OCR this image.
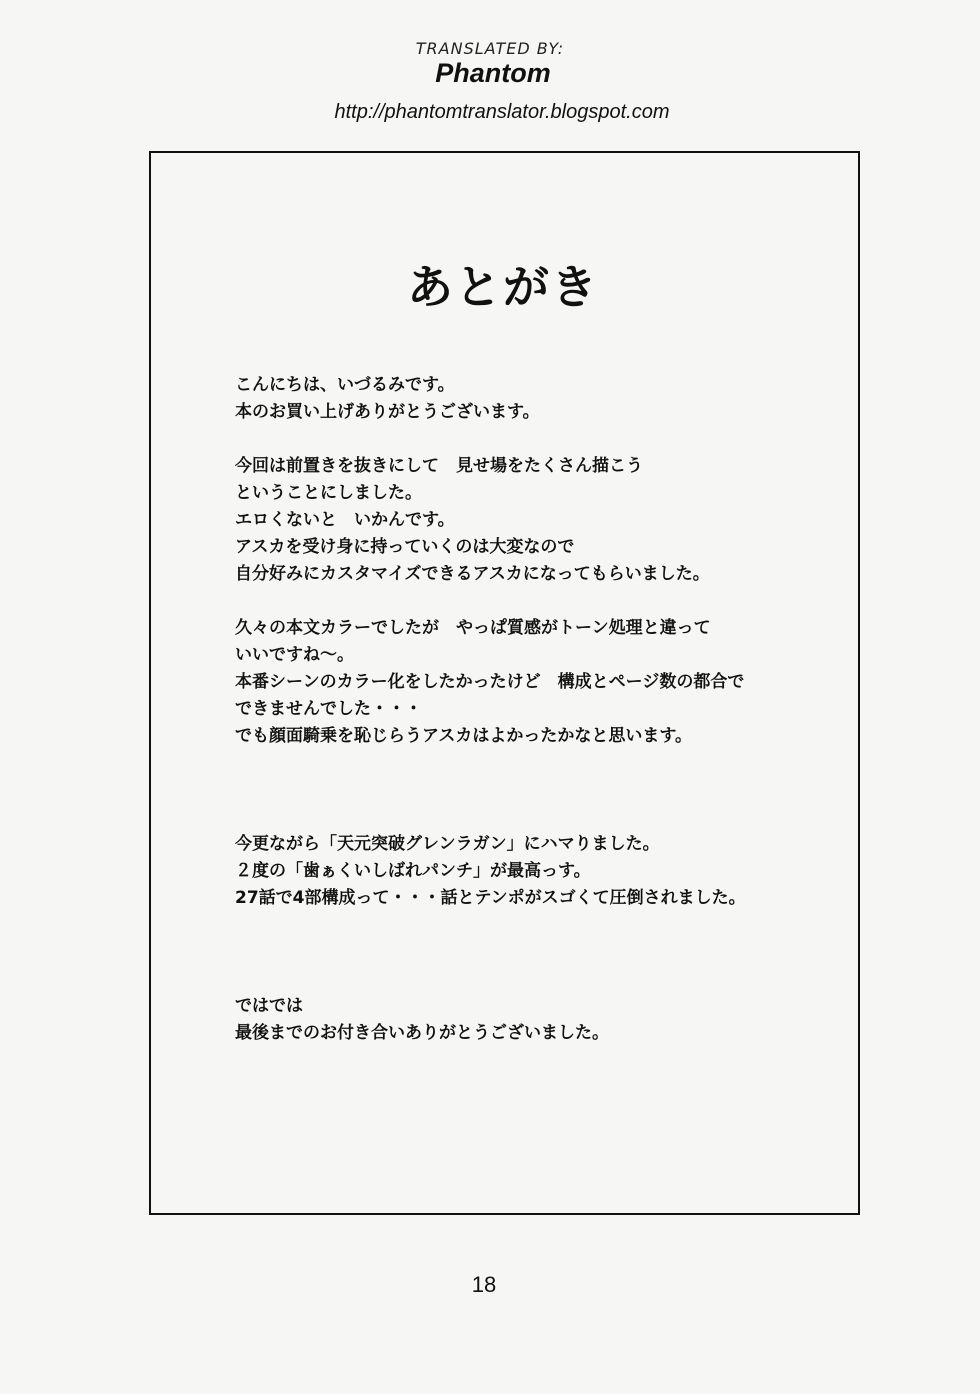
TRANSLATED BY:
Phantom
http://phantomtranslator.blogspot.com
あとがき
こんにちは、いづるみです。
本のお買い上げありがとうございます。
今回は前置きを抜きにして　見せ場をたくさん描こう
ということにしました。
エロくないと　いかんです。
アスカを受け身に持っていくのは大変なので
自分好みにカスタマイズできるアスカになってもらいました。
久々の本文カラーでしたが　やっぱ質感がトーン処理と違って
いいですね～。
本番シーンのカラー化をしたかったけど　構成とページ数の都合で
できませんでした・・・
でも顔面騎乗を恥じらうアスカはよかったかなと思います。
今更ながら「天元突破グレンラガン」にハマりました。
２度の「歯ぁくいしばれパンチ」が最高っす。
27話で4部構成って・・・話とテンポがスゴくて圧倒されました。
ではでは
最後までのお付き合いありがとうございました。
18
